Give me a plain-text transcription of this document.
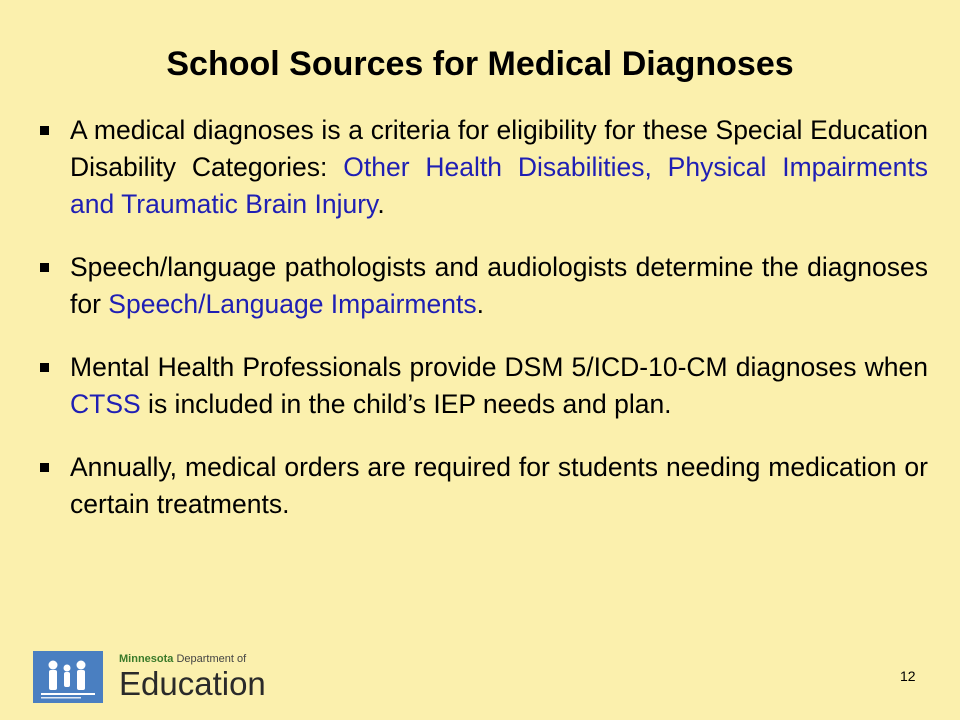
School Sources for Medical Diagnoses
A medical diagnoses is a criteria for eligibility for these Special Education Disability Categories: Other Health Disabilities, Physical Impairments and Traumatic Brain Injury.
Speech/language pathologists and audiologists determine the diagnoses for Speech/Language Impairments.
Mental Health Professionals provide DSM 5/ICD-10-CM diagnoses when CTSS is included in the child’s IEP needs and plan.
Annually, medical orders are required for students needing medication or certain treatments.
Minnesota Department of
Education	12
